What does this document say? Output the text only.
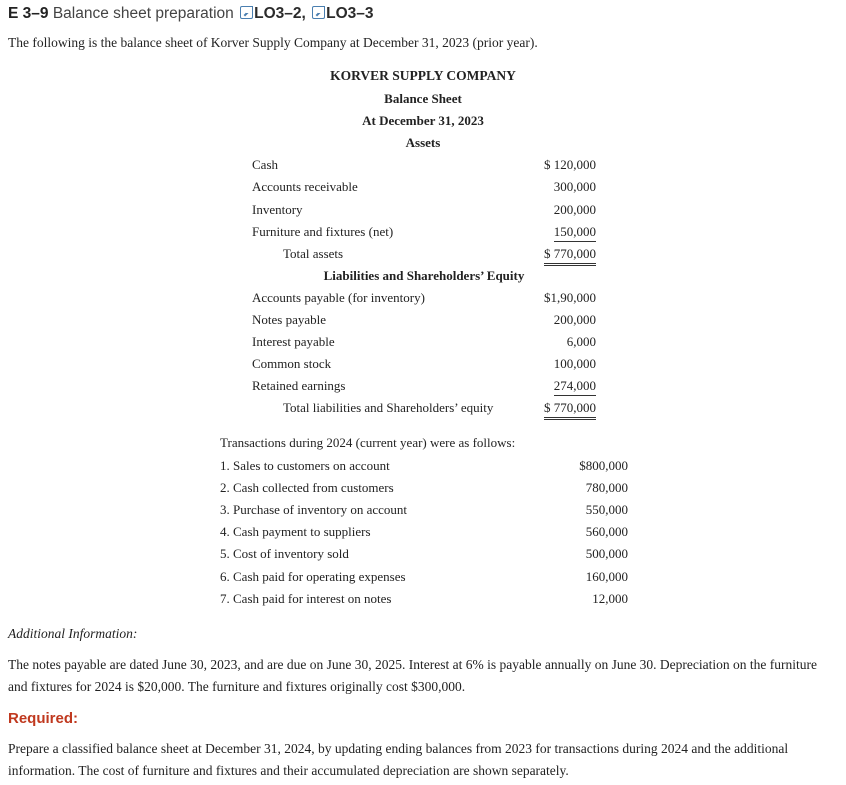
E 3–9 Balance sheet preparation LO3–2, LO3–3
The following is the balance sheet of Korver Supply Company at December 31, 2023 (prior year).
KORVER SUPPLY COMPANY
Balance Sheet
At December 31, 2023
Assets
Cash	$ 120,000
Accounts receivable	300,000
Inventory	200,000
Furniture and fixtures (net)	150,000
Total assets	$ 770,000
Liabilities and Shareholders’ Equity
Accounts payable (for inventory)	$1,90,000
Notes payable	200,000
Interest payable	6,000
Common stock	100,000
Retained earnings	274,000
Total liabilities and Shareholders’ equity	$ 770,000
Transactions during 2024 (current year) were as follows:
1. Sales to customers on account	$800,000
2. Cash collected from customers	780,000
3. Purchase of inventory on account	550,000
4. Cash payment to suppliers	560,000
5. Cost of inventory sold	500,000
6. Cash paid for operating expenses	160,000
7. Cash paid for interest on notes	12,000
Additional Information:
The notes payable are dated June 30, 2023, and are due on June 30, 2025. Interest at 6% is payable annually on June 30. Depreciation on the furniture and fixtures for 2024 is $20,000. The furniture and fixtures originally cost $300,000.
Required:
Prepare a classified balance sheet at December 31, 2024, by updating ending balances from 2023 for transactions during 2024 and the additional information. The cost of furniture and fixtures and their accumulated depreciation are shown separately.
